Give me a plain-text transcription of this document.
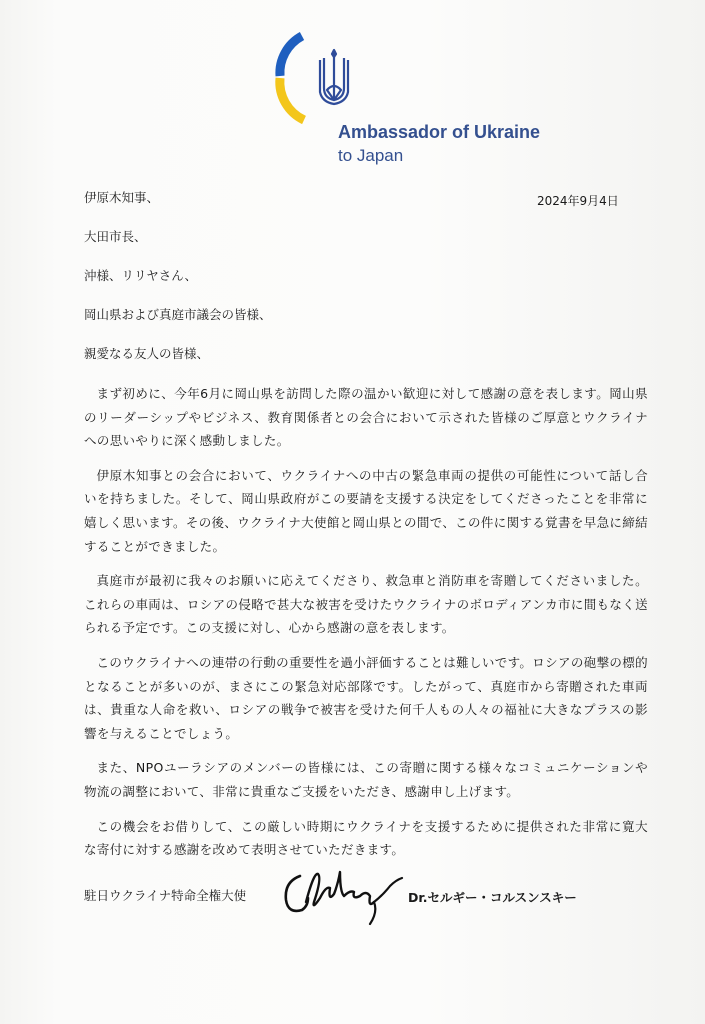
Ambassador of Ukraine
to Japan
2024年9月4日
伊原木知事、
大田市長、
沖様、リリヤさん、
岡山県および真庭市議会の皆様、
親愛なる友人の皆様、

まず初めに、今年6月に岡山県を訪問した際の温かい歓迎に対して感謝の意を表します。岡山県のリーダーシップやビジネス、教育関係者との会合において示された皆様のご厚意とウクライナへの思いやりに深く感動しました。

伊原木知事との会合において、ウクライナへの中古の緊急車両の提供の可能性について話し合いを持ちました。そして、岡山県政府がこの要請を支援する決定をしてくださったことを非常に嬉しく思います。その後、ウクライナ大使館と岡山県との間で、この件に関する覚書を早急に締結することができました。

真庭市が最初に我々のお願いに応えてくださり、救急車と消防車を寄贈してくださいました。これらの車両は、ロシアの侵略で甚大な被害を受けたウクライナのボロディアンカ市に間もなく送られる予定です。この支援に対し、心から感謝の意を表します。

このウクライナへの連帯の行動の重要性を過小評価することは難しいです。ロシアの砲撃の標的となることが多いのが、まさにこの緊急対応部隊です。したがって、真庭市から寄贈された車両は、貴重な人命を救い、ロシアの戦争で被害を受けた何千人もの人々の福祉に大きなプラスの影響を与えることでしょう。

また、NPOユーラシアのメンバーの皆様には、この寄贈に関する様々なコミュニケーションや物流の調整において、非常に貴重なご支援をいただき、感謝申し上げます。

この機会をお借りして、この厳しい時期にウクライナを支援するために提供された非常に寛大な寄付に対する感謝を改めて表明させていただきます。

駐日ウクライナ特命全権大使	Dr.セルギー・コルスンスキー
